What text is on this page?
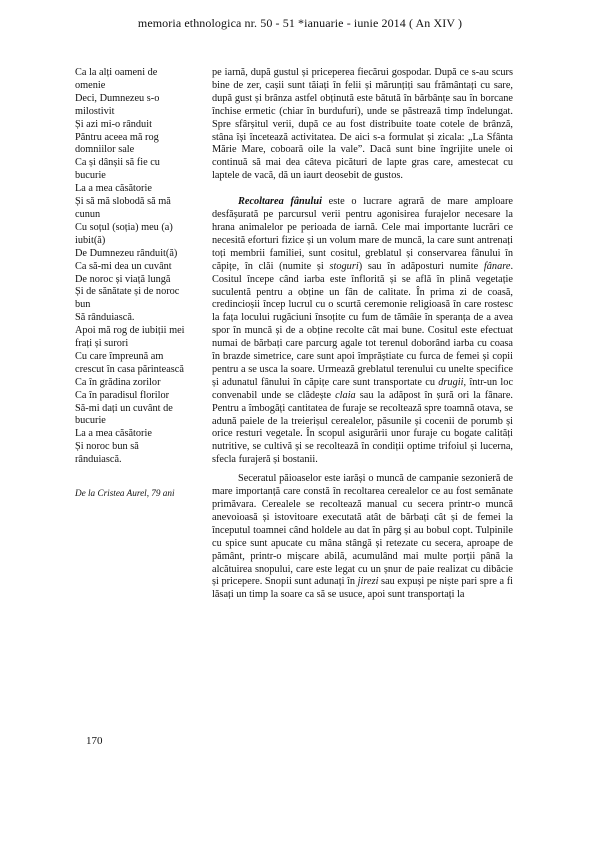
memoria ethnologica nr. 50 - 51 *ianuarie - iunie 2014 ( An XIV )
Ca la alți oameni de
omenie
Deci, Dumnezeu s-o
milostivit
Și azi mi-o rânduit
Păntru aceea mă rog
domniilor sale
Ca și dânșii să fie cu
bucurie
La a mea căsătorie
Și să mă slobodă să mă
cunun
Cu soțul (soția) meu (a)
iubit(ă)
De Dumnezeu rânduit(ă)
Ca să-mi dea un cuvânt
De noroc și viață lungă
Și de sănătate și de noroc
bun
Să rânduiască.
Apoi mă rog de iubiții mei
frați și surori
Cu care împreună am
crescut în casa părintească
Ca în grădina zorilor
Ca în paradisul florilor
Să-mi dați un cuvânt de
bucurie
La a mea căsătorie
Și noroc bun să
rânduiască.
De la Cristea Aurel, 79 ani

pe iarnă, după gustul și priceperea fiecărui gospodar. După ce s-au scurs bine de zer, cașii sunt tăiați în felii și mărunțiți sau frământați cu sare, după gust și brânza astfel obținută este bătută în bărbânțe sau în borcane închise ermetic (chiar în burdufuri), unde se păstrează timp îndelungat. Spre sfârșitul verii, după ce au fost distribuite toate cotele de brânză, stâna își încetează activitatea. De aici s-a formulat și zicala: „La Sfânta Mărie Mare, coboară oile la vale”. Dacă sunt bine îngrijite unele oi continuă să mai dea câteva picături de lapte gras care, amestecat cu laptele de vacă, dă un iaurt deosebit de gustos.

Recoltarea fânului este o lucrare agrară de mare amploare desfășurată pe parcursul verii pentru agonisirea furajelor necesare la hrana animalelor pe perioada de iarnă. Cele mai importante lucrări ce necesită eforturi fizice și un volum mare de muncă, la care sunt antrenați toți membrii familiei, sunt cositul, greblatul și conservarea fânului în căpițe, în clăi (numite și stoguri) sau în adăposturi numite fânare. Cositul începe când iarba este înflorită și se află în plină vegetație suculentă pentru a obține un fân de calitate. În prima zi de coasă, credincioșii încep lucrul cu o scurtă ceremonie religioasă în care rostesc la fața locului rugăciuni însoțite cu fum de tămâie în speranța de a avea spor în muncă și de a obține recolte cât mai bune. Cositul este efectuat numai de bărbați care parcurg agale tot terenul doborând iarba cu coasa în brazde simetrice, care sunt apoi împrăștiate cu furca de femei și copii pentru a se usca la soare. Urmează greblatul terenului cu unelte specifice și adunatul fânului în căpițe care sunt transportate cu drugii, într-un loc convenabil unde se clădește claia sau la adăpost în șură ori la fânare. Pentru a îmbogăți cantitatea de furaje se recoltează spre toamnă otava, se adună paiele de la treierișul cerealelor, păsunile și cocenii de porumb și orice resturi vegetale. În scopul asigurării unor furaje cu bogate calități nutritive, se cultivă și se recoltează în condiții optime trifoiul și lucerna, sfecla furajeră și bostanii.

Seceratul păioaselor este iarăși o muncă de campanie sezonieră de mare importanță care constă în recoltarea cerealelor ce au fost semănate primăvara. Cerealele se recoltează manual cu secera printr-o muncă anevoioasă și istovitoare executată atât de bărbați cât și de femei la începutul toamnei când holdele au dat în pârg și au bobul copt. Tulpinile cu spice sunt apucate cu mâna stângă și retezate cu secera, aproape de pământ, printr-o mișcare abilă, acumulând mai multe porții până la alcătuirea snopului, care este legat cu un șnur de paie realizat cu dibăcie și pricepere. Snopii sunt adunați în jirezi sau expuși pe niște pari spre a fi lăsați un timp la soare ca să se usuce, apoi sunt transportați la

170
